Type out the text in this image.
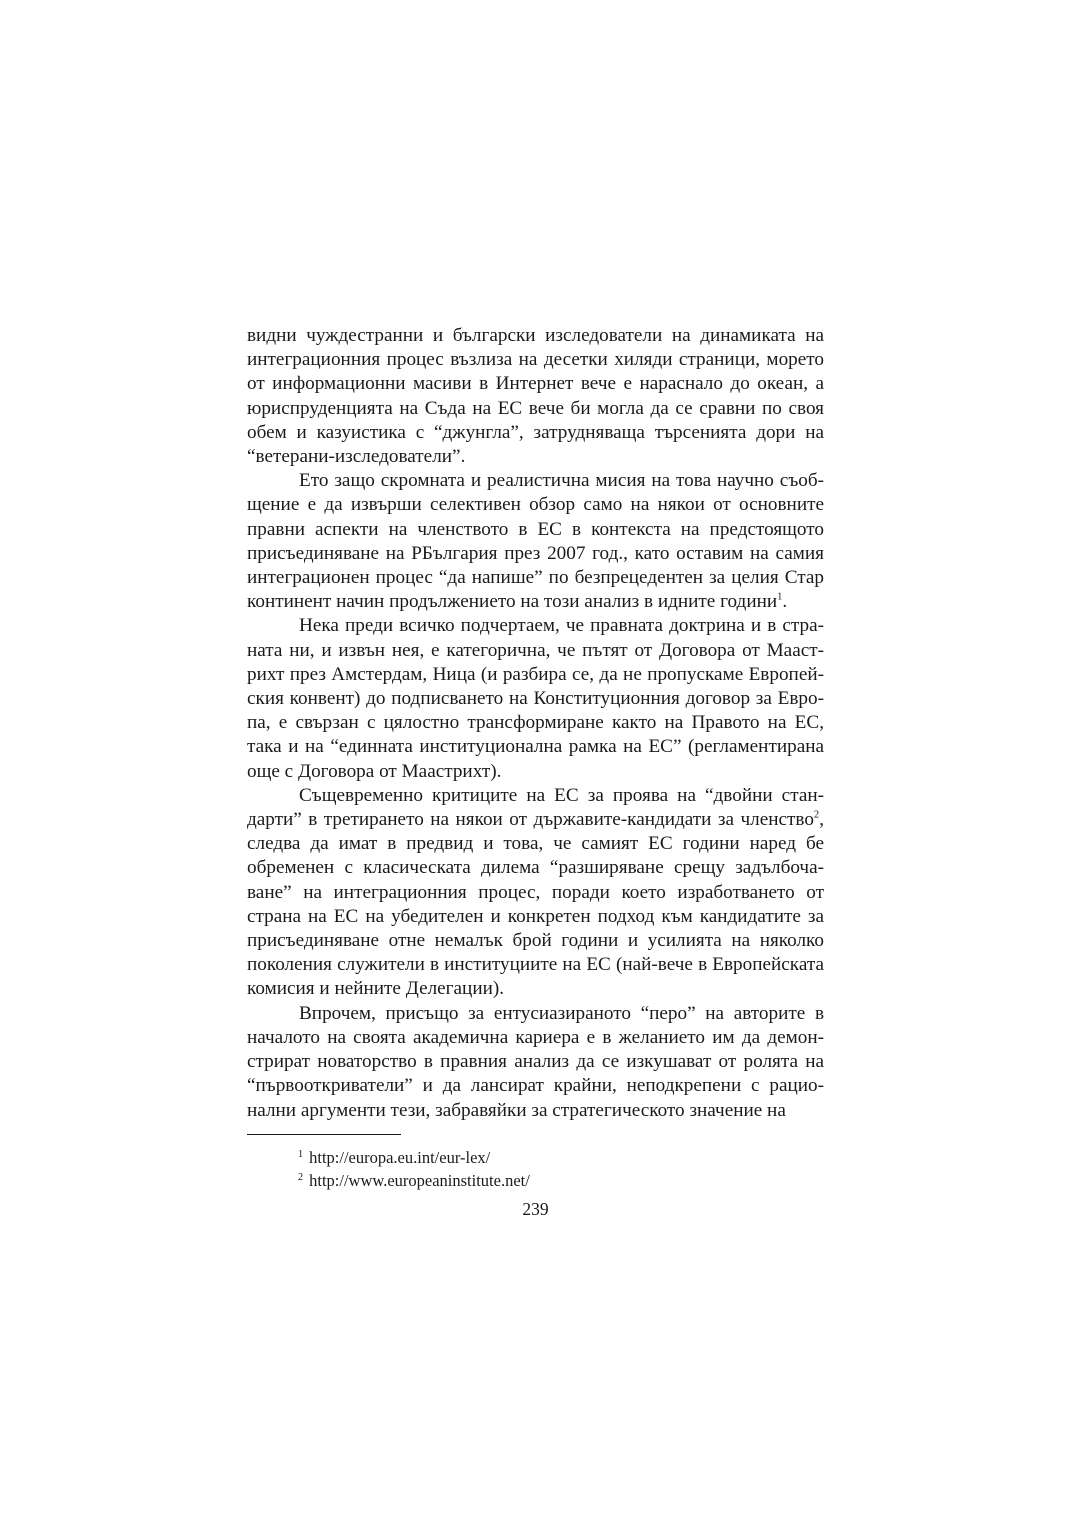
видни чуждестранни и български изследователи на динамиката на интеграционния процес възлиза на десетки хиляди страници, морето от информационни масиви в Интернет вече е нараснало до океан, а юриспруденцията на Съда на ЕС вече би могла да се сравни по своя обем и казуистика с “джунгла”, затрудняваща търсенията дори на “ветерани-изследователи”.

Ето защо скромната и реалистична мисия на това научно съобщение е да извърши селективен обзор само на някои от основните правни аспекти на членството в ЕС в контекста на предстоящото присъединяване на РБългария през 2007 год., като оставим на самия интеграционен процес “да напише” по безпрецедентен за целия Стар континент начин продължението на този анализ в идните години$^1$.

Нека преди всичко подчертаем, че правната доктрина и в страната ни, и извън нея, е категорична, че пътят от Договора от Маастрихт през Амстердам, Ница (и разбира се, да не пропускаме Европейския конвент) до подписването на Конституционния договор за Европа, е свързан с цялостно трансформиране както на Правото на ЕС, така и на “единната институционална рамка на ЕС” (регламентирана още с Договора от Маастрихт).

Същевременно критиците на ЕС за проява на “двойни стандарти” в третирането на някои от държавите-кандидати за членство$^2$, следва да имат в предвид и това, че самият ЕС години наред бе обременен с класическата дилема “разширяване срещу задълбочаване” на интеграционния процес, поради което изработването от страна на ЕС на убедителен и конкретен подход към кандидатите за присъединяване отне немалък брой години и усилията на няколко поколения служители в институциите на ЕС (най-вече в Европейската комисия и нейните Делегации).

Впрочем, присъщо за ентусиазираното “перо” на авторите в началото на своята академична кариера е в желанието им да демонстрират новаторство в правния анализ да се изкушават от ролята на “първооткриватели” и да лансират крайни, неподкрепени с рационални аргументи тези, забравяйки за стратегическото значение на

$^1$ http://europa.eu.int/eur-lex/
$^2$ http://www.europeaninstitute.net/
239
